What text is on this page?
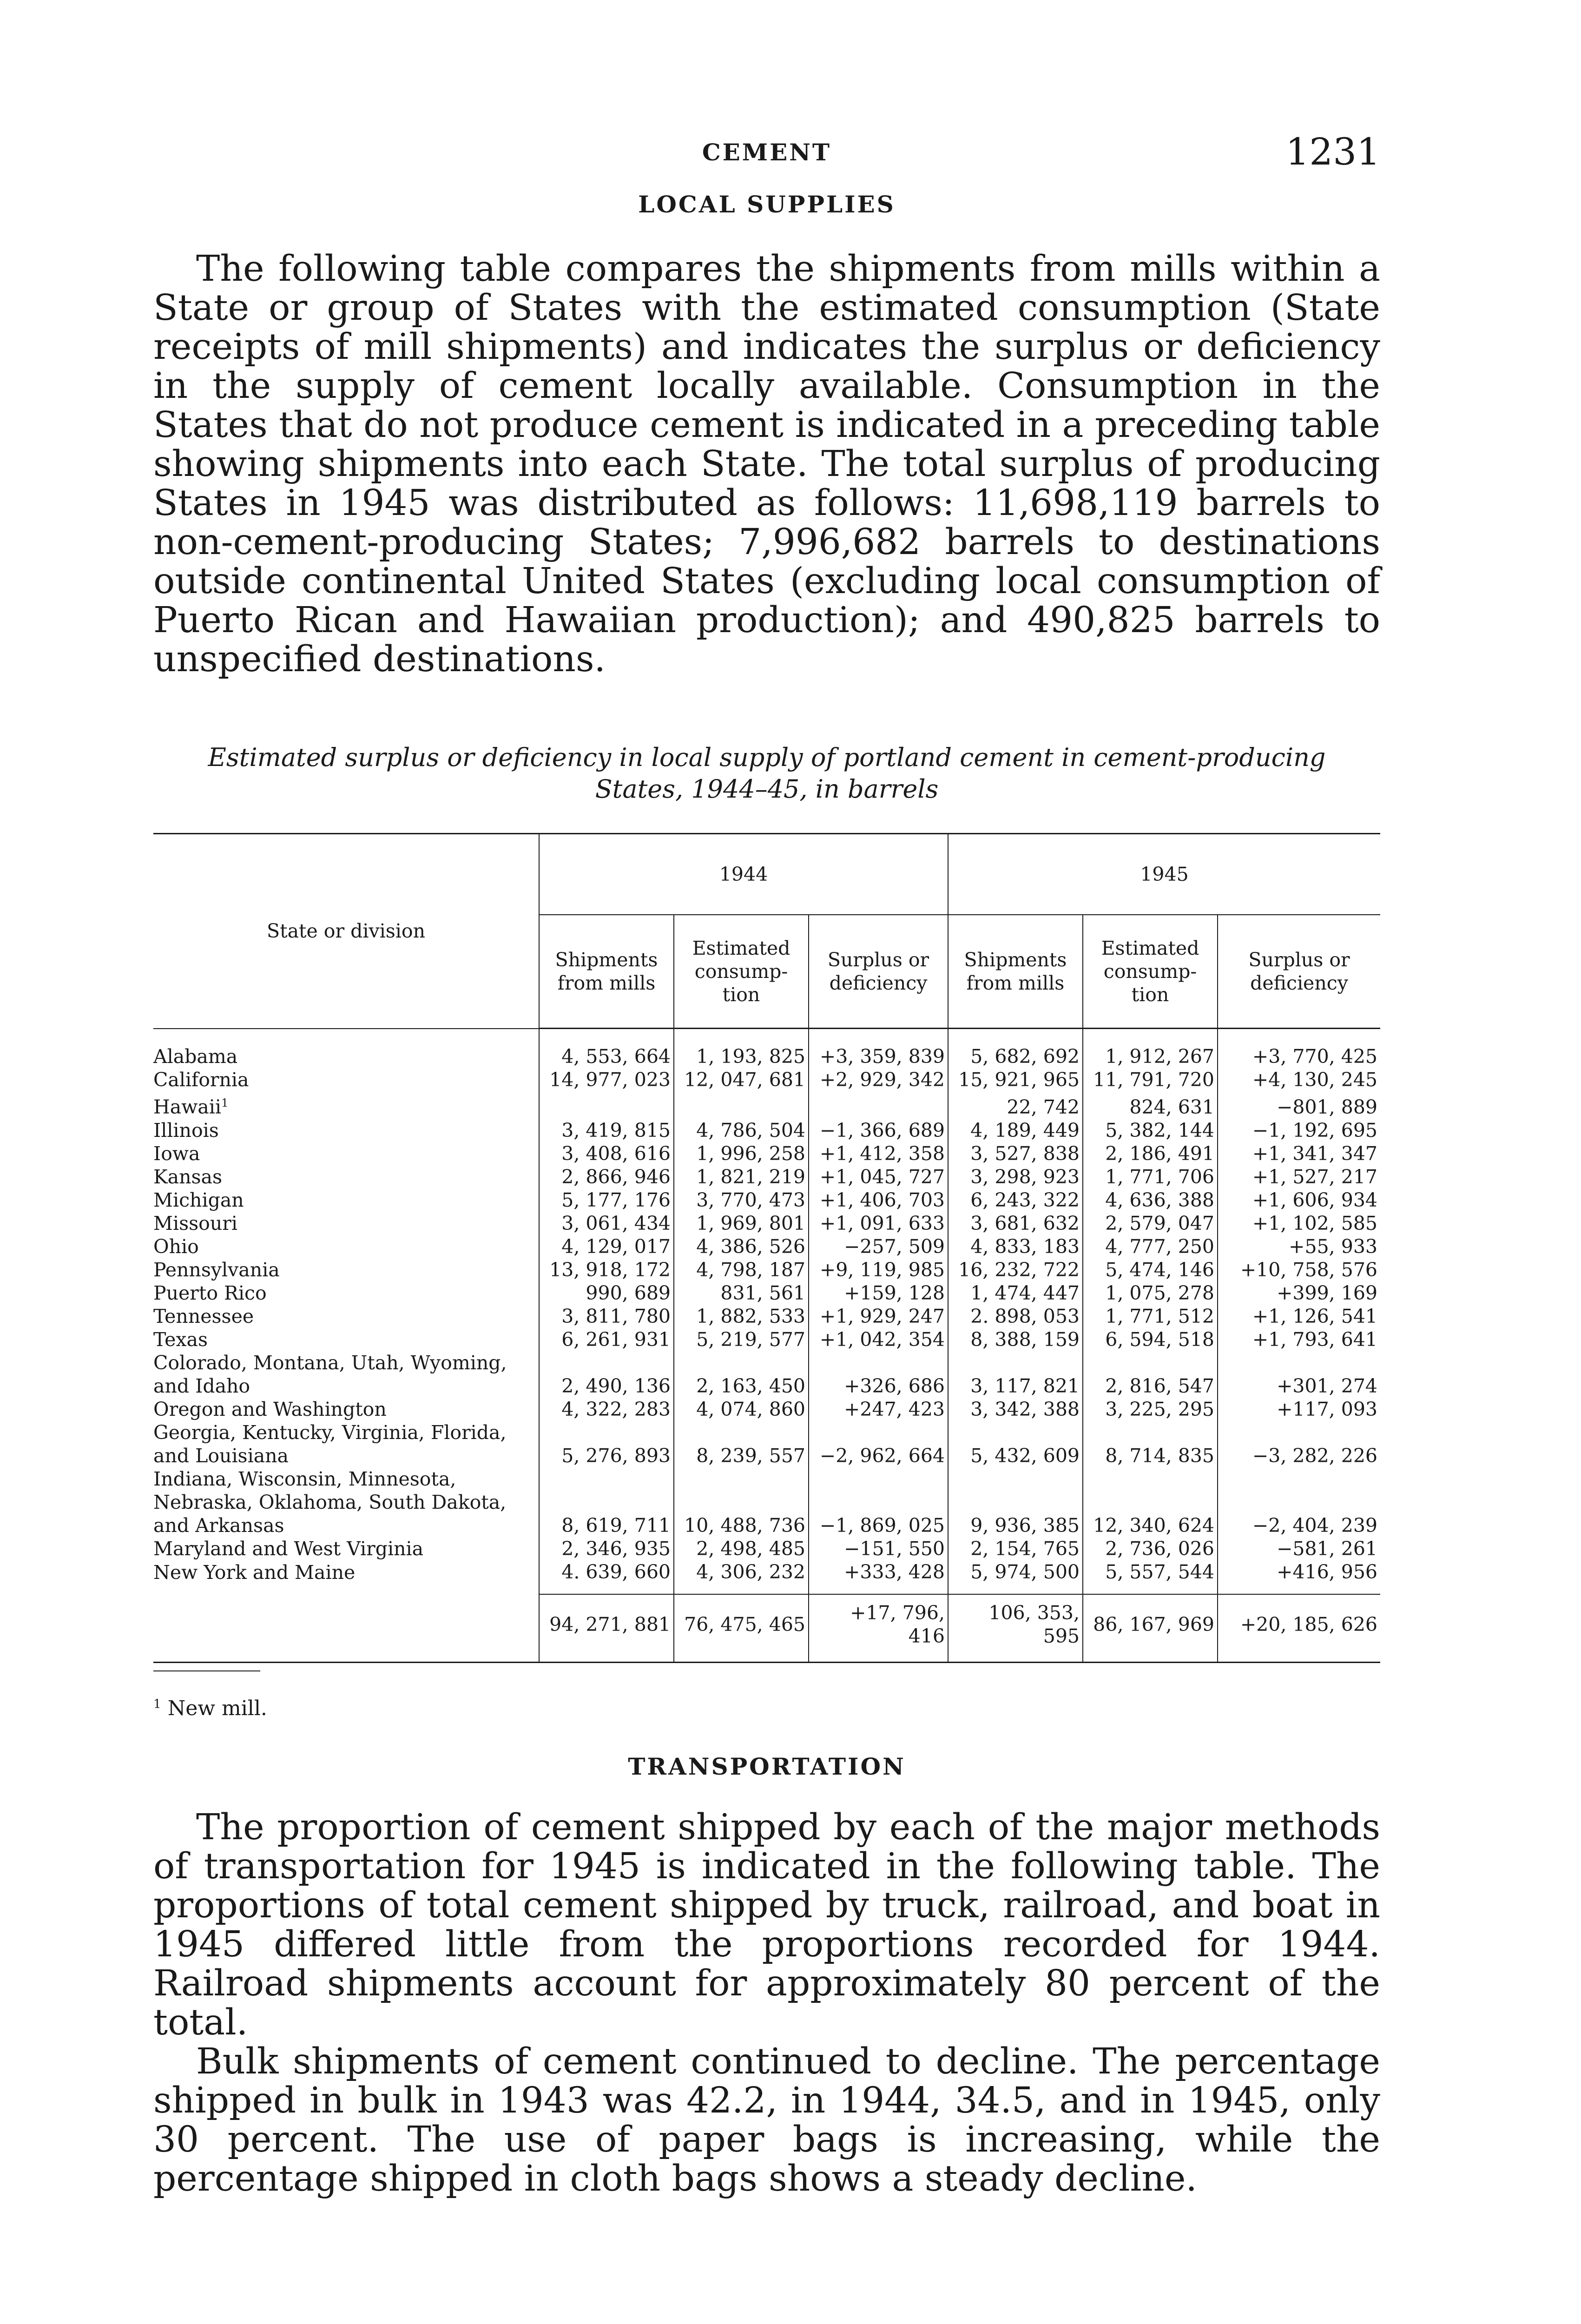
CEMENT	1231
LOCAL SUPPLIES

The following table compares the shipments from mills within a State or group of States with the estimated consumption (State receipts of mill shipments) and indicates the surplus or deficiency in the supply of cement locally available. Consumption in the States that do not produce cement is indicated in a preceding table showing shipments into each State. The total surplus of producing States in 1945 was distributed as follows: 11,698,119 barrels to non-cement-producing States; 7,996,682 barrels to destinations outside continental United States (excluding local consumption of Puerto Rican and Hawaiian production); and 490,825 barrels to unspecified destinations.

Estimated surplus or deficiency in local supply of portland cement in cement-producing States, 1944–45, in barrels

State or division	1944			1945		
	Shipments from mills	Estimated consump-tion	Surplus or deficiency	Shipments from mills	Estimated consump-tion	Surplus or deficiency
Alabama	4, 553, 664	1, 193, 825	+3, 359, 839	5, 682, 692	1, 912, 267	+3, 770, 425
California	14, 977, 023	12, 047, 681	+2, 929, 342	15, 921, 965	11, 791, 720	+4, 130, 245
Hawaii$^1$				22, 742	824, 631	−801, 889
Illinois	3, 419, 815	4, 786, 504	−1, 366, 689	4, 189, 449	5, 382, 144	−1, 192, 695
Iowa	3, 408, 616	1, 996, 258	+1, 412, 358	3, 527, 838	2, 186, 491	+1, 341, 347
Kansas	2, 866, 946	1, 821, 219	+1, 045, 727	3, 298, 923	1, 771, 706	+1, 527, 217
Michigan	5, 177, 176	3, 770, 473	+1, 406, 703	6, 243, 322	4, 636, 388	+1, 606, 934
Missouri	3, 061, 434	1, 969, 801	+1, 091, 633	3, 681, 632	2, 579, 047	+1, 102, 585
Ohio	4, 129, 017	4, 386, 526	−257, 509	4, 833, 183	4, 777, 250	+55, 933
Pennsylvania	13, 918, 172	4, 798, 187	+9, 119, 985	16, 232, 722	5, 474, 146	+10, 758, 576
Puerto Rico	990, 689	831, 561	+159, 128	1, 474, 447	1, 075, 278	+399, 169
Tennessee	3, 811, 780	1, 882, 533	+1, 929, 247	2. 898, 053	1, 771, 512	+1, 126, 541
Texas	6, 261, 931	5, 219, 577	+1, 042, 354	8, 388, 159	6, 594, 518	+1, 793, 641
Colorado, Montana, Utah, Wyoming, and Idaho	2, 490, 136	2, 163, 450	+326, 686	3, 117, 821	2, 816, 547	+301, 274
Oregon and Washington	4, 322, 283	4, 074, 860	+247, 423	3, 342, 388	3, 225, 295	+117, 093
Georgia, Kentucky, Virginia, Florida, and Louisiana	5, 276, 893	8, 239, 557	−2, 962, 664	5, 432, 609	8, 714, 835	−3, 282, 226
Indiana, Wisconsin, Minnesota, Nebraska, Oklahoma, South Dakota, and Arkansas	8, 619, 711	10, 488, 736	−1, 869, 025	9, 936, 385	12, 340, 624	−2, 404, 239
Maryland and West Virginia	2, 346, 935	2, 498, 485	−151, 550	2, 154, 765	2, 736, 026	−581, 261
New York and Maine	4. 639, 660	4, 306, 232	+333, 428	5, 974, 500	5, 557, 544	+416, 956
	94, 271, 881	76, 475, 465	+17, 796, 416	106, 353, 595	86, 167, 969	+20, 185, 626
$^1$ New mill.
TRANSPORTATION

The proportion of cement shipped by each of the major methods of transportation for 1945 is indicated in the following table. The proportions of total cement shipped by truck, railroad, and boat in 1945 differed little from the proportions recorded for 1944. Railroad shipments account for approximately 80 percent of the total.

Bulk shipments of cement continued to decline. The percentage shipped in bulk in 1943 was 42.2, in 1944, 34.5, and in 1945, only 30 percent. The use of paper bags is increasing, while the percentage shipped in cloth bags shows a steady decline.
